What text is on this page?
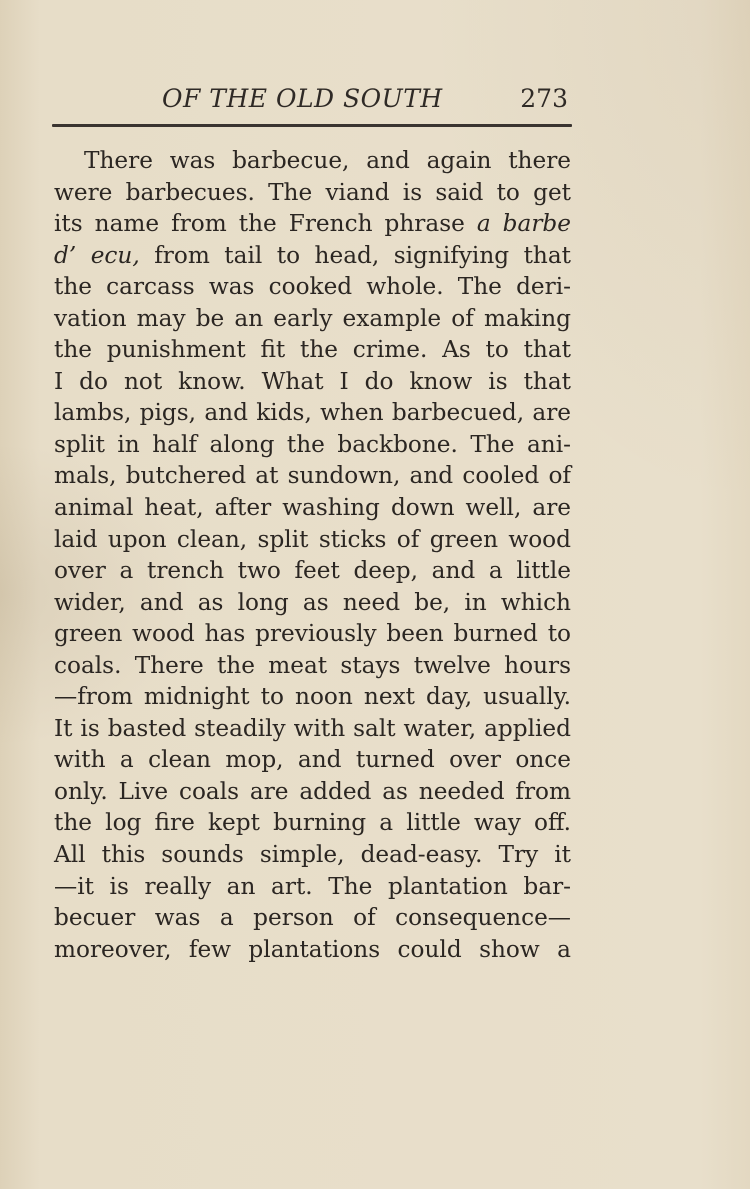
OF THE OLD SOUTH	273
There was barbecue, and again there
were barbecues. The viand is said to get
its name from the French phrase a barbe
d’ ecu, from tail to head, signifying that
the carcass was cooked whole. The deri-
vation may be an early example of making
the punishment fit the crime. As to that
I do not know. What I do know is that
lambs, pigs, and kids, when barbecued, are
split in half along the backbone. The ani-
mals, butchered at sundown, and cooled of
animal heat, after washing down well, are
laid upon clean, split sticks of green wood
over a trench two feet deep, and a little
wider, and as long as need be, in which
green wood has previously been burned to
coals. There the meat stays twelve hours
—from midnight to noon next day, usually.
It is basted steadily with salt water, applied
with a clean mop, and turned over once
only. Live coals are added as needed from
the log fire kept burning a little way off.
All this sounds simple, dead-easy. Try it
—it is really an art. The plantation bar-
becuer was a person of consequence—
moreover, few plantations could show a
